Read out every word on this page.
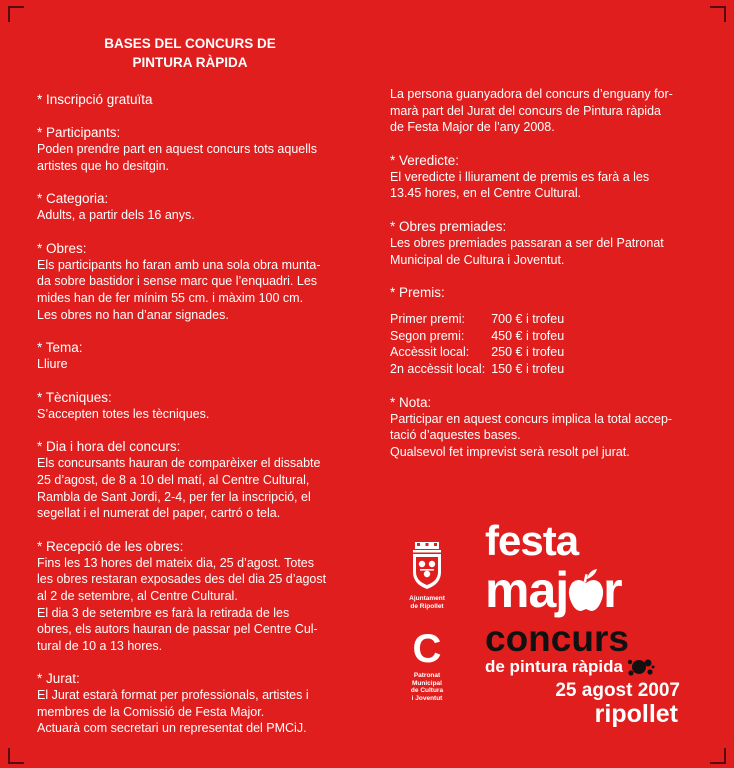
BASES DEL CONCURS DE
PINTURA RÀPIDA
* Inscripció gratuïta
* Participants:
Poden prendre part en aquest concurs tots aquells
artistes que ho desitgin.
* Categoria:
Adults, a partir dels 16 anys.
* Obres:
Els participants ho faran amb una sola obra munta-
da sobre bastidor i sense marc que l’enquadri. Les
mides han de fer mínim 55 cm. i màxim 100 cm.
Les obres no han d’anar signades.
* Tema:
Lliure
* Tècniques:
S’accepten totes les tècniques.
* Dia i hora del concurs:
Els concursants hauran de comparèixer el dissabte
25 d’agost, de 8 a 10 del matí, al Centre Cultural,
Rambla de Sant Jordi, 2-4, per fer la inscripció, el
segellat i el numerat del paper, cartró o tela.
* Recepció de les obres:
Fins les 13 hores del mateix dia, 25 d’agost. Totes
les obres restaran exposades des del dia 25 d’agost
al 2 de setembre, al Centre Cultural.
El dia 3 de setembre es farà la retirada de les
obres, els autors hauran de passar pel Centre Cul-
tural de 10 a 13 hores.
* Jurat:
El Jurat estarà format per professionals, artistes i
membres de la Comissió de Festa Major.
Actuarà com secretari un representat del PMCiJ.
La persona guanyadora del concurs d’enguany for-
marà part del Jurat del concurs de Pintura ràpida
de Festa Major de l’any 2008.
* Veredicte:
El veredicte i lliurament de premis es farà a les
13.45 hores, en el Centre Cultural.
* Obres premiades:
Les obres premiades passaran a ser del Patronat
Municipal de Cultura i Joventut.
* Premis:
Primer premi:	700 € i trofeu
Segon premi:	450 € i trofeu
Accèssit local:	250 € i trofeu
2n accèssit local:	150 € i trofeu
* Nota:
Participar en aquest concurs implica la total accep-
tació d’aquestes bases.
Qualsevol fet imprevist serà resolt pel jurat.
Ajuntament
de Ripollet
C
Patronat
Municipal
de Cultura
i Joventut
festa
maj r
concurs
de pintura ràpida
25 agost 2007
ripollet
